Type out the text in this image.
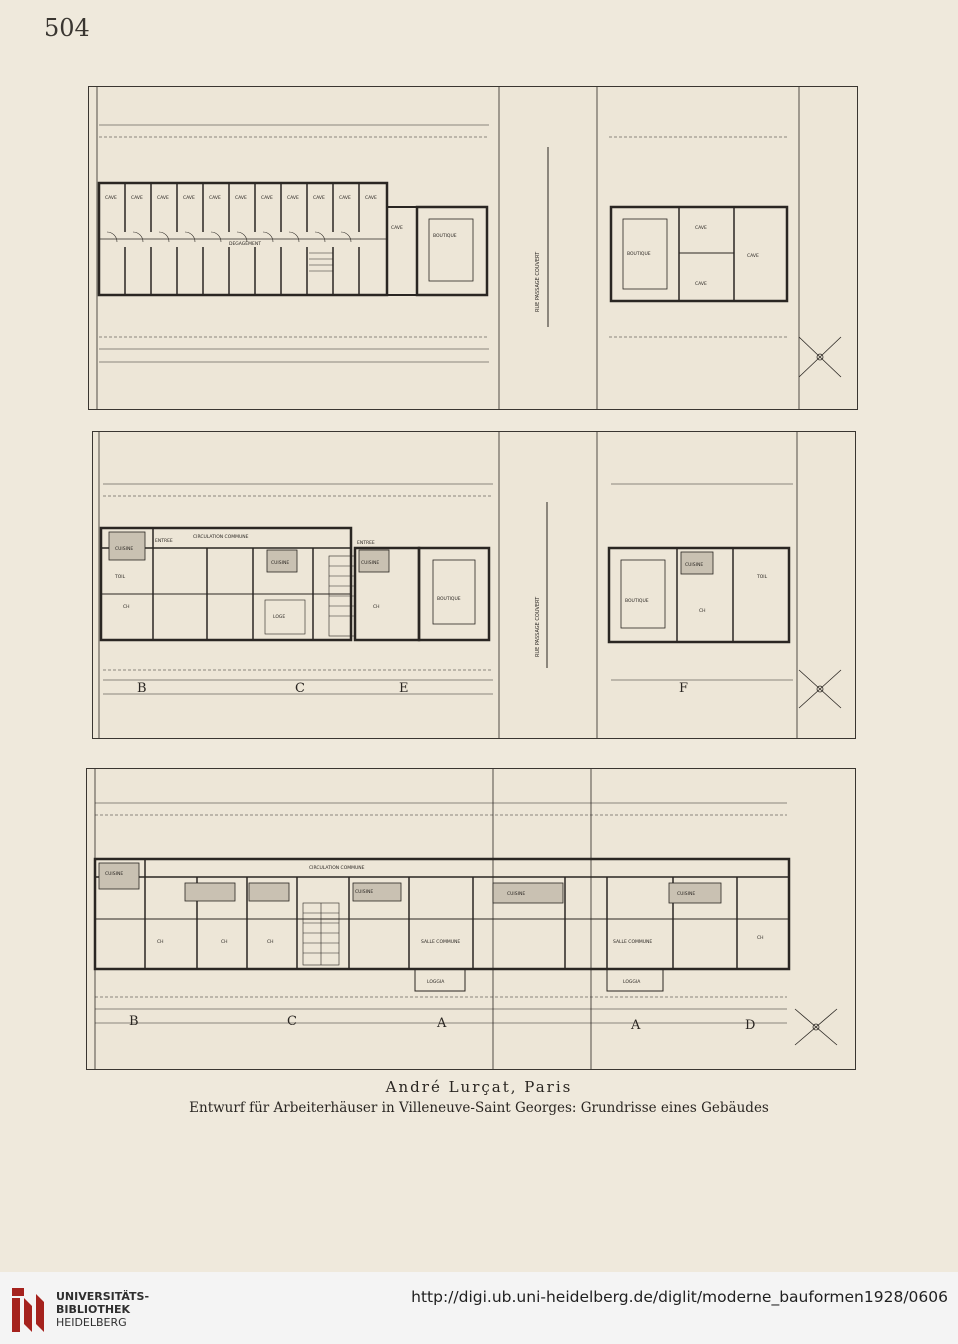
504
RUE PASSAGE COUVERT
CAVE	CAVE	CAVE	CAVE	CAVE	CAVE	CAVE	CAVE	CAVE	CAVE	CAVE
DEGAGEMENT
BOUTIQUE
CAVE
BOUTIQUE
CAVE
CAVE
CAVE
RUE PASSAGE COUVERT
CIRCULATION COMMUNE
ENTREE
CUISINE
TOIL
CH
CUISINE
LOGE
ENTREE
CUISINE
CH
BOUTIQUE	BOUTIQUE
CUISINE
TOIL
CH
B	C	E	F
CIRCULATION COMMUNE
CUISINE
CH	CH	CH
CUISINE
SALLE COMMUNE
LOGGIA
CUISINE
SALLE COMMUNE
LOGGIA
CUISINE
CH
B	C	A	A	D
André Lurçat, Paris
Entwurf für Arbeiterhäuser in Villeneuve-Saint Georges: Grundrisse eines Gebäudes
UNIVERSITÄTS-
BIBLIOTHEK
HEIDELBERG
http://digi.ub.uni-heidelberg.de/diglit/moderne_bauformen1928/0606
